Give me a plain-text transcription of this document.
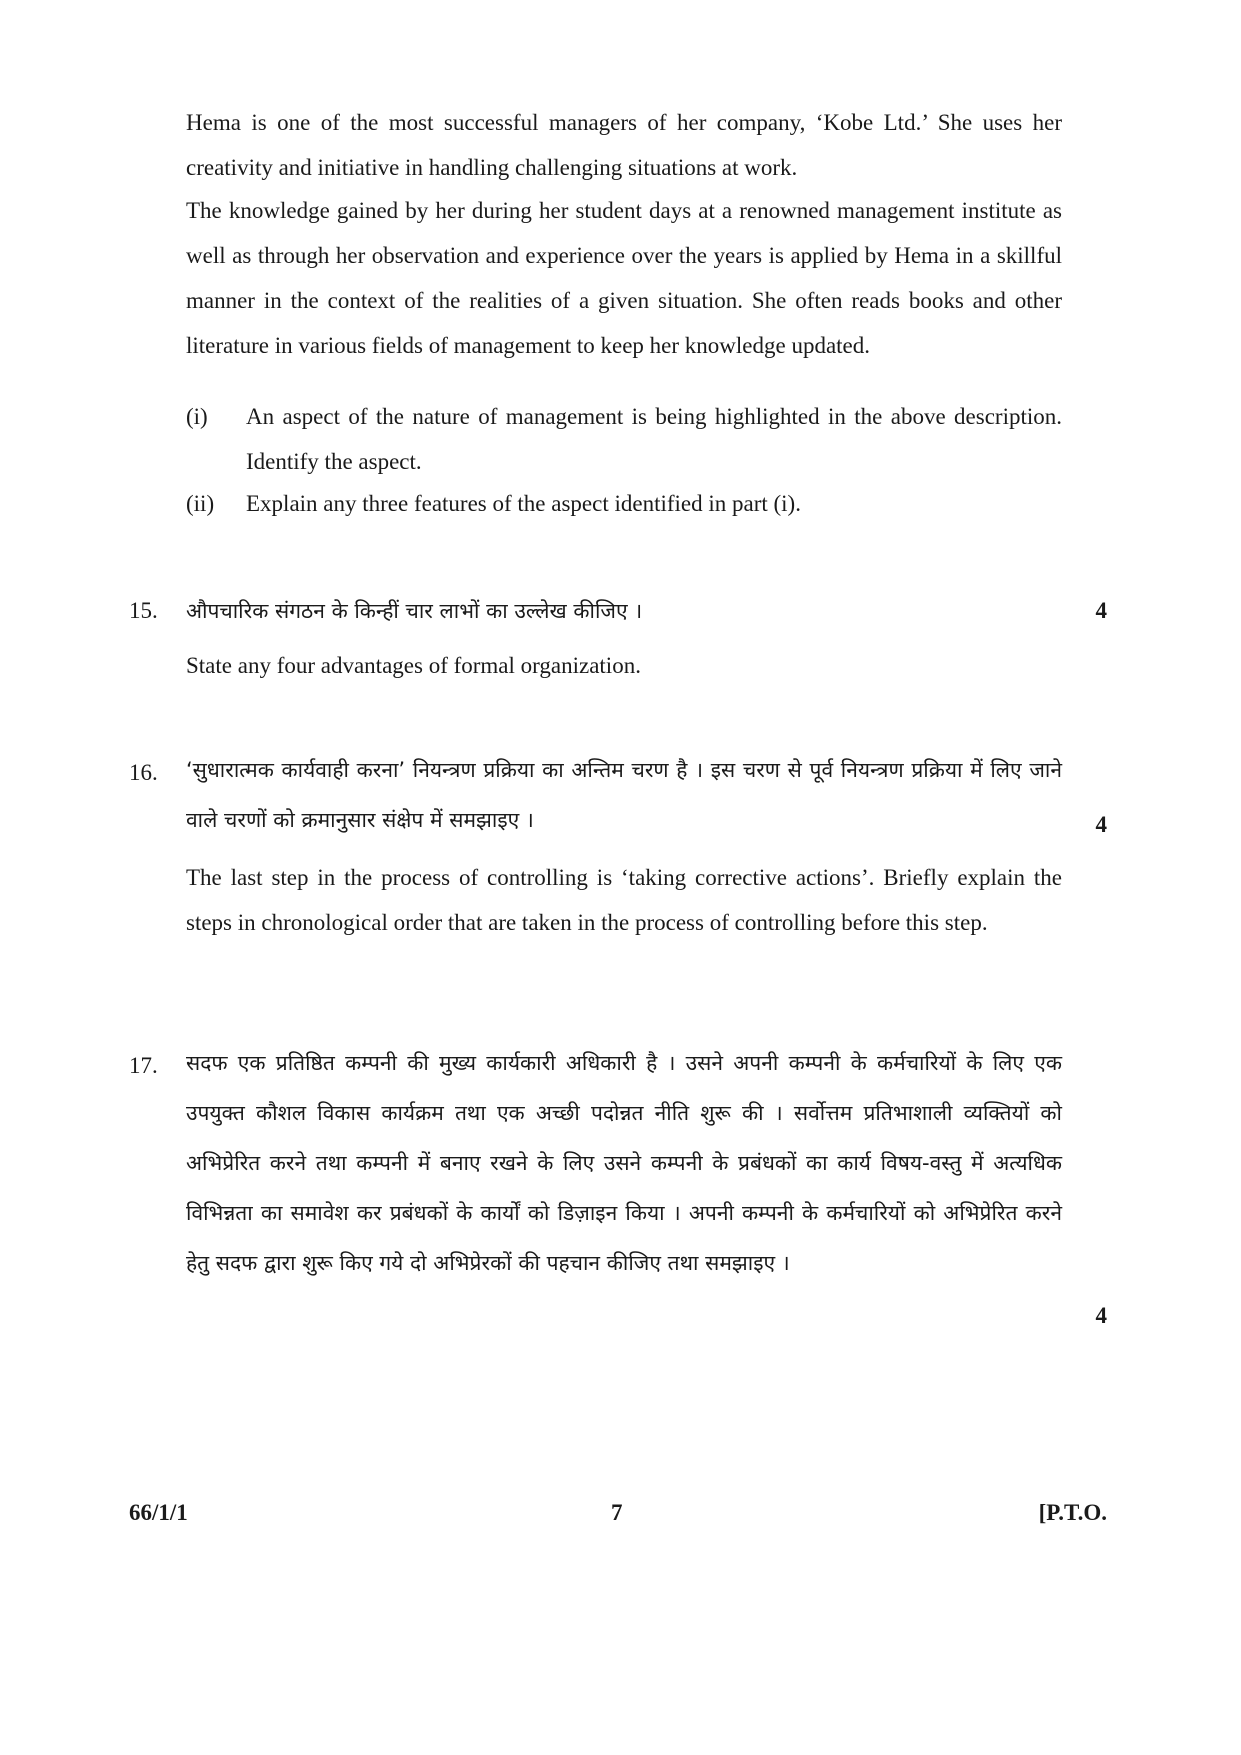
Hema is one of the most successful managers of her company, ‘Kobe Ltd.’ She uses her creativity and initiative in handling challenging situations at work.
The knowledge gained by her during her student days at a renowned management institute as well as through her observation and experience over the years is applied by Hema in a skillful manner in the context of the realities of a given situation. She often reads books and other literature in various fields of management to keep her knowledge updated.
(i) An aspect of the nature of management is being highlighted in the above description. Identify the aspect.
(ii) Explain any three features of the aspect identified in part (i).
15. औपचारिक संगठन के किन्हीं चार लाभों का उल्लेख कीजिए ।	4
State any four advantages of formal organization.
16. ‘सुधारात्मक कार्यवाही करना’ नियन्त्रण प्रक्रिया का अन्तिम चरण है । इस चरण से पूर्व नियन्त्रण प्रक्रिया में लिए जाने वाले चरणों को क्रमानुसार संक्षेप में समझाइए ।	4
The last step in the process of controlling is ‘taking corrective actions’. Briefly explain the steps in chronological order that are taken in the process of controlling before this step.
17. सदफ एक प्रतिष्ठित कम्पनी की मुख्य कार्यकारी अधिकारी है । उसने अपनी कम्पनी के कर्मचारियों के लिए एक उपयुक्त कौशल विकास कार्यक्रम तथा एक अच्छी पदोन्नत नीति शुरू की । सर्वोत्तम प्रतिभाशाली व्यक्तियों को अभिप्रेरित करने तथा कम्पनी में बनाए रखने के लिए उसने कम्पनी के प्रबंधकों का कार्य विषय-वस्तु में अत्यधिक विभिन्नता का समावेश कर प्रबंधकों के कार्यों को डिज़ाइन किया । अपनी कम्पनी के कर्मचारियों को अभिप्रेरित करने हेतु सदफ द्वारा शुरू किए गये दो अभिप्रेरकों की पहचान कीजिए तथा समझाइए ।
4
66/1/1	7	[P.T.O.
